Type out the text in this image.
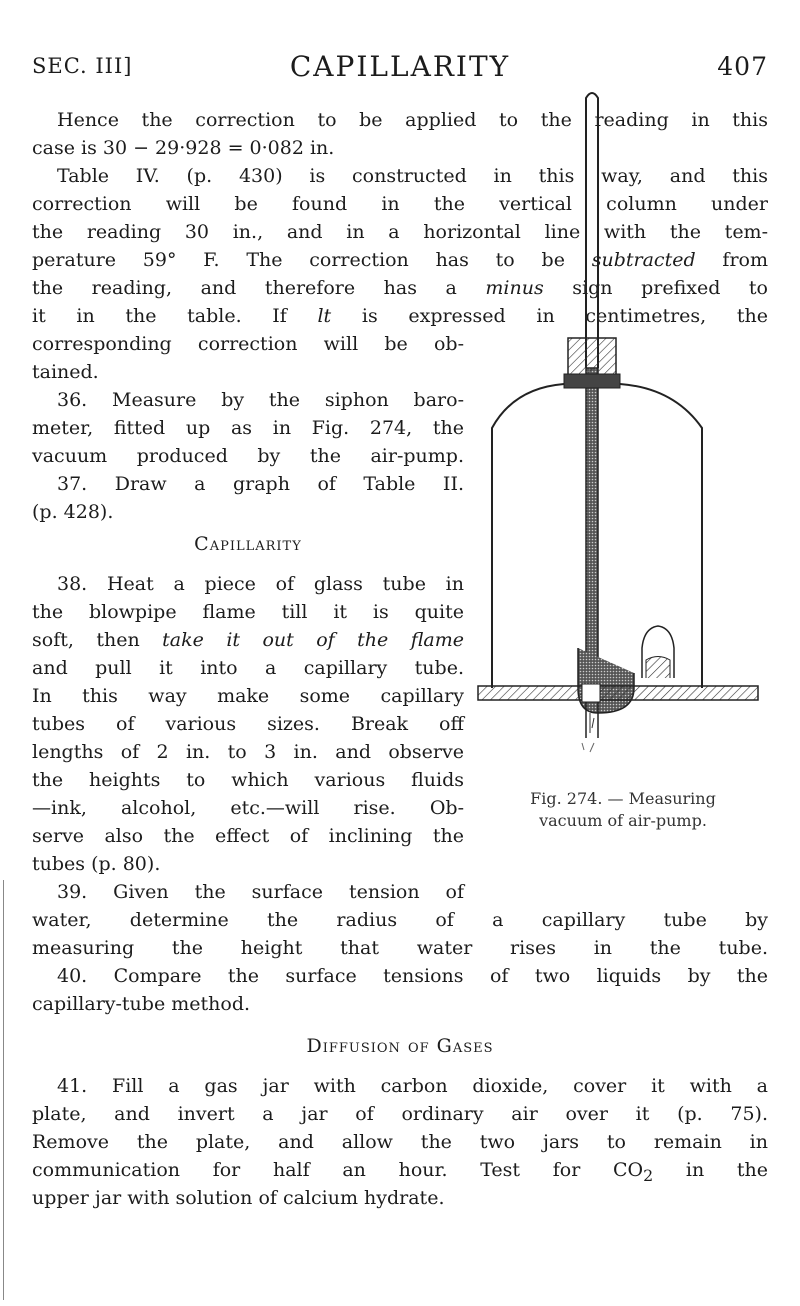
SEC. III]	CAPILLARITY	407
Hence the correction to be applied to the reading in this
case is 30 − 29·928 = 0·082 in.
Table IV. (p. 430) is constructed in this way, and this
correction will be found in the vertical column under
the reading 30 in., and in a horizontal line with the tem-
perature 59° F. The correction has to be subtracted from
the reading, and therefore has a minus sign prefixed to
it in the table. If lt is expressed in centimetres, the
corresponding correction will be ob-
tained.
36. Measure by the siphon baro-
meter, fitted up as in Fig. 274, the
vacuum produced by the air-pump.
37. Draw a graph of Table II.
(p. 428).
Capillarity
38. Heat a piece of glass tube in
the blowpipe flame till it is quite
soft, then take it out of the flame
and pull it into a capillary tube.
In this way make some capillary
tubes of various sizes. Break off
lengths of 2 in. to 3 in. and observe
the heights to which various fluids
—ink, alcohol, etc.—will rise. Ob-
serve also the effect of inclining the
tubes (p. 80).
39. Given the surface tension of
water, determine the radius of a capillary tube by
measuring the height that water rises in the tube.
40. Compare the surface tensions of two liquids by the
capillary-tube method.
Diffusion of Gases
41. Fill a gas jar with carbon dioxide, cover it with a
plate, and invert a jar of ordinary air over it (p. 75).
Remove the plate, and allow the two jars to remain in
communication for half an hour. Test for $CO_2$ in the
upper jar with solution of calcium hydrate.
Fig. 274. — Measuring
vacuum of air-pump.
